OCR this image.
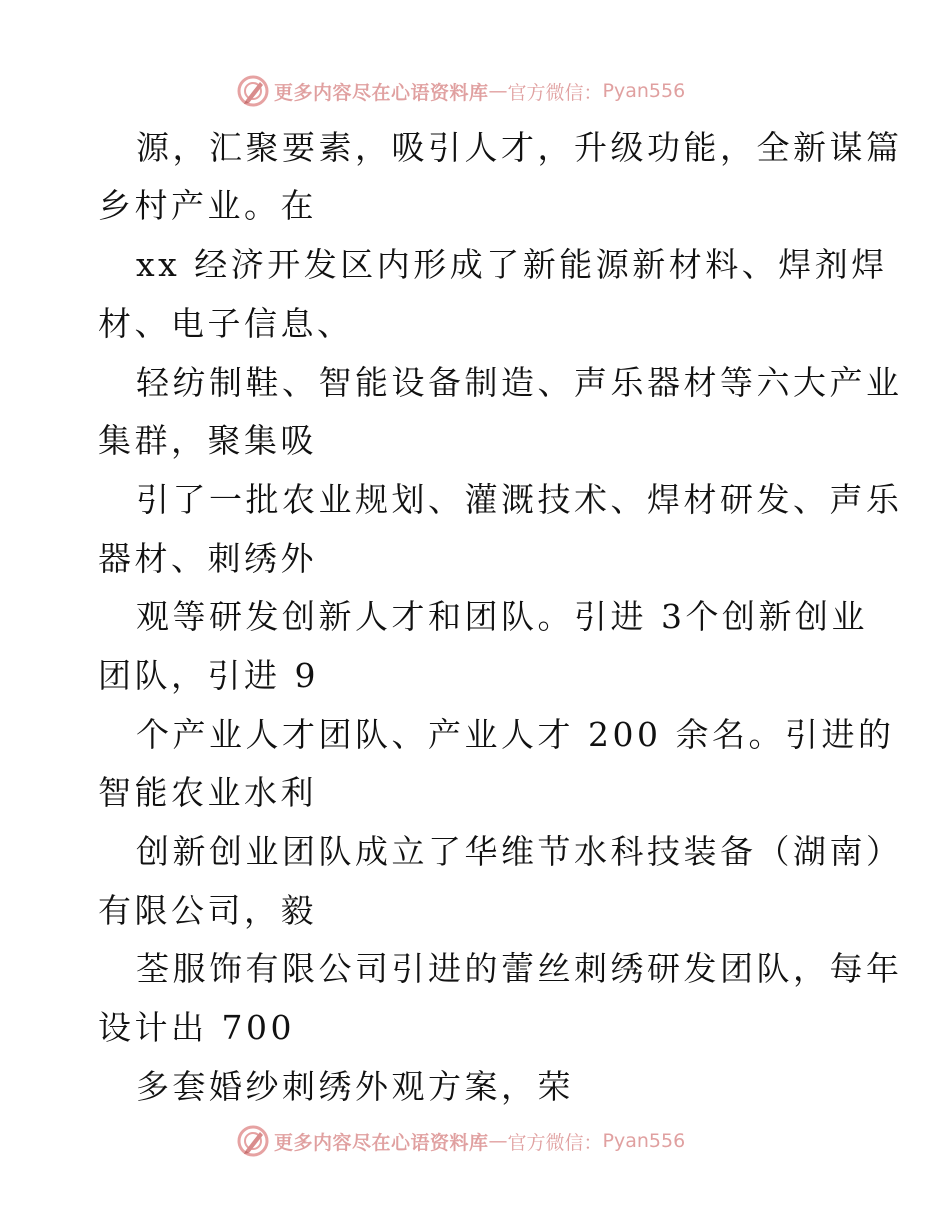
更多内容尽在心语资料库 — 官方微信： Pyan556
源，汇聚要素，吸引人才，升级功能，全新谋篇
乡村产业。在
xx 经济开发区内形成了新能源新材料、焊剂焊
材、电子信息、
轻纺制鞋、智能设备制造、声乐器材等六大产业
集群，聚集吸
引了一批农业规划、灌溉技术、焊材研发、声乐
器材、刺绣外
观等研发创新人才和团队。引进 3个创新创业
团队，引进 9
个产业人才团队、产业人才 200 余名。引进的
智能农业水利
创新创业团队成立了华维节水科技装备（湖南）
有限公司，毅
荃服饰有限公司引进的蕾丝刺绣研发团队，每年
设计出 700
多套婚纱刺绣外观方案，荣
更多内容尽在心语资料库 — 官方微信： Pyan556
